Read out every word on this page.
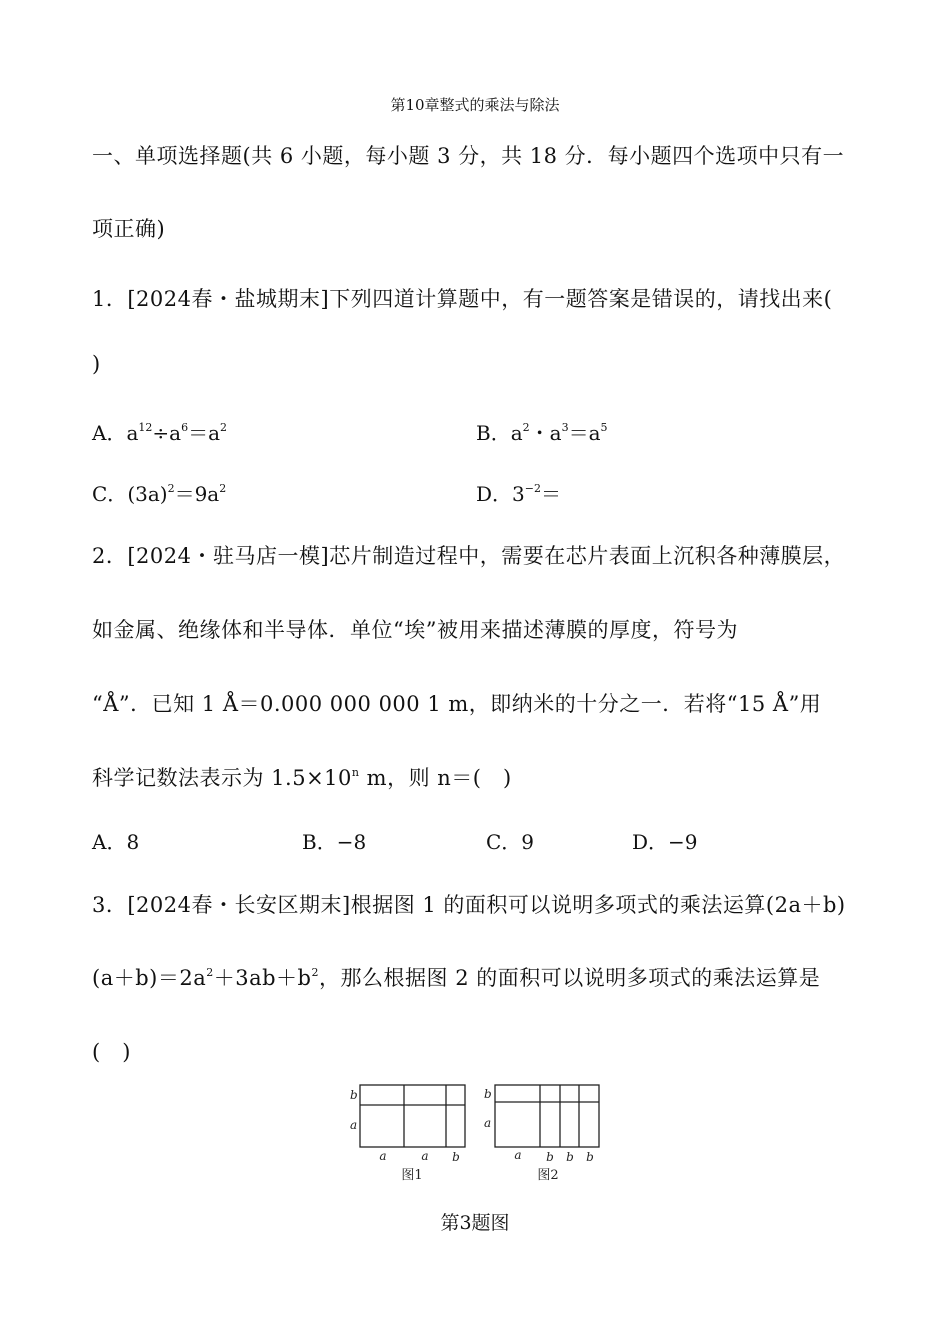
第10章整式的乘法与除法
一、单项选择题(共 6 小题，每小题 3 分，共 18 分．每小题四个选项中只有一
项正确)
1．[2024春・盐城期末]下列四道计算题中，有一题答案是错误的，请找出来(
)
A．$a^{12}\div a^6=a^2$	B．$a^2$・$a^3=a^5$
C．$(3a)^2=9a^2$	D．$3^{-2}=$
2．[2024・驻马店一模]芯片制造过程中，需要在芯片表面上沉积各种薄膜层，
如金属、绝缘体和半导体．单位“埃”被用来描述薄膜的厚度，符号为
“Å”．已知 1 Å＝0.000 000 000 1 m，即纳米的十分之一．若将“15 Å”用
科学记数法表示为 $1.5\times 10^n$ m，则 n＝(　)
A．8	B．−8	C．9	D．−9
3．[2024春・长安区期末]根据图 1 的面积可以说明多项式的乘法运算(2a＋b)
$(a+b)=2a^2+3ab+b^2$，那么根据图 2 的面积可以说明多项式的乘法运算是
(　)
b
a
a	a b
图1
b
a
a b b b
图2
第3题图
